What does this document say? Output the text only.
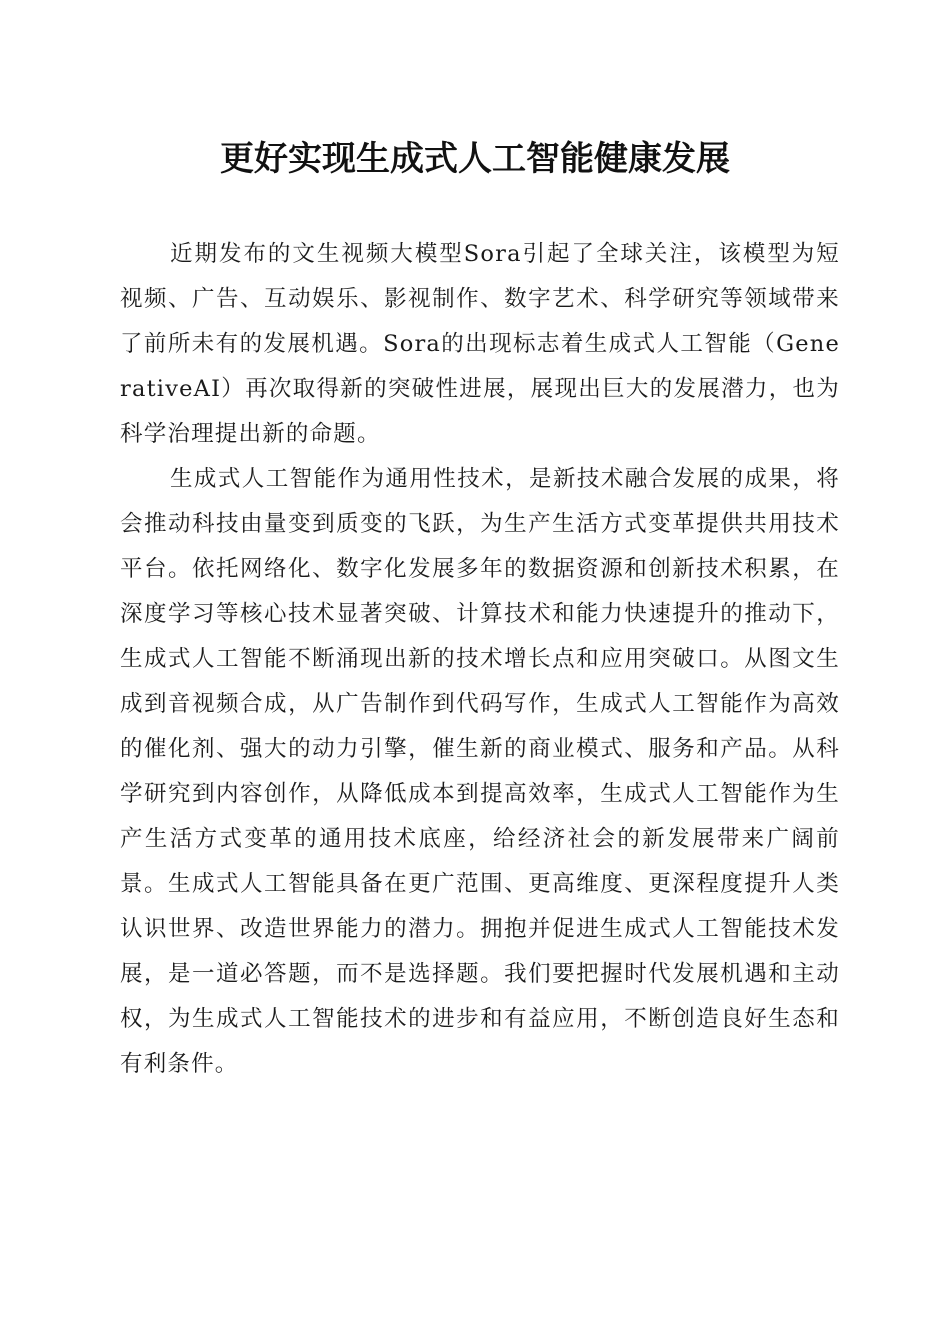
更好实现生成式人工智能健康发展

近期发布的文生视频大模型Sora引起了全球关注，该模型为短视频、广告、互动娱乐、影视制作、数字艺术、科学研究等领域带来了前所未有的发展机遇。Sora的出现标志着生成式人工智能（GenerativeAI）再次取得新的突破性进展，展现出巨大的发展潜力，也为科学治理提出新的命题。

生成式人工智能作为通用性技术，是新技术融合发展的成果，将会推动科技由量变到质变的飞跃，为生产生活方式变革提供共用技术平台。依托网络化、数字化发展多年的数据资源和创新技术积累，在深度学习等核心技术显著突破、计算技术和能力快速提升的推动下，生成式人工智能不断涌现出新的技术增长点和应用突破口。从图文生成到音视频合成，从广告制作到代码写作，生成式人工智能作为高效的催化剂、强大的动力引擎，催生新的商业模式、服务和产品。从科学研究到内容创作，从降低成本到提高效率，生成式人工智能作为生产生活方式变革的通用技术底座，给经济社会的新发展带来广阔前景。生成式人工智能具备在更广范围、更高维度、更深程度提升人类认识世界、改造世界能力的潜力。拥抱并促进生成式人工智能技术发展，是一道必答题，而不是选择题。我们要把握时代发展机遇和主动权，为生成式人工智能技术的进步和有益应用，不断创造良好生态和有利条件。
